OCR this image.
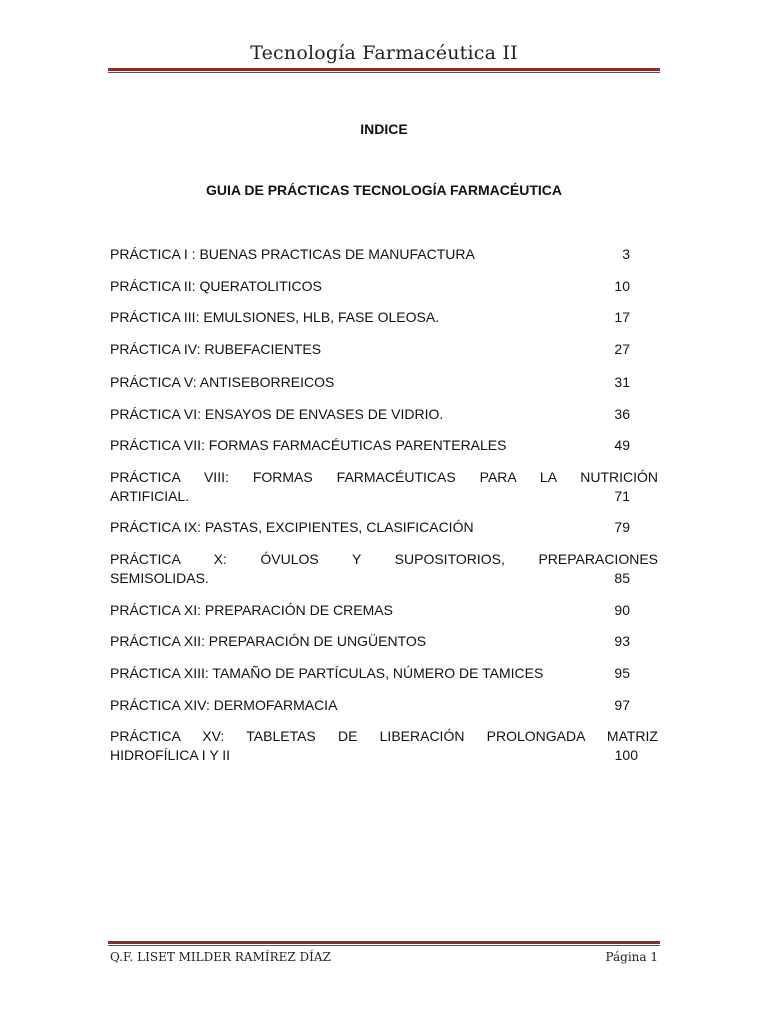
Tecnología Farmacéutica II
INDICE
GUIA DE PRÁCTICAS TECNOLOGÍA FARMACÉUTICA
PRÁCTICA I : BUENAS PRACTICAS DE MANUFACTURA	3
PRÁCTICA II: QUERATOLITICOS	10
PRÁCTICA III: EMULSIONES, HLB, FASE OLEOSA.	17
PRÁCTICA IV: RUBEFACIENTES	27
PRÁCTICA V: ANTISEBORREICOS	31
PRÁCTICA VI: ENSAYOS DE ENVASES DE VIDRIO.	36
PRÁCTICA VII: FORMAS FARMACÉUTICAS PARENTERALES	49
PRÁCTICA VIII: FORMAS FARMACÉUTICAS PARA LA NUTRICIÓN
ARTIFICIAL.	71
PRÁCTICA IX: PASTAS, EXCIPIENTES, CLASIFICACIÓN	79
PRÁCTICA X: ÓVULOS Y SUPOSITORIOS, PREPARACIONES
SEMISOLIDAS.	85
PRÁCTICA XI: PREPARACIÓN DE CREMAS	90
PRÁCTICA XII: PREPARACIÓN DE UNGÜENTOS	93
PRÁCTICA XIII: TAMAÑO DE PARTÍCULAS, NÚMERO DE TAMICES	95
PRÁCTICA XIV: DERMOFARMACIA	97
PRÁCTICA XV: TABLETAS DE LIBERACIÓN PROLONGADA MATRIZ
HIDROFÍLICA I Y II	100
Q.F. LISET MILDER RAMÍREZ DÍAZ	Página 1
